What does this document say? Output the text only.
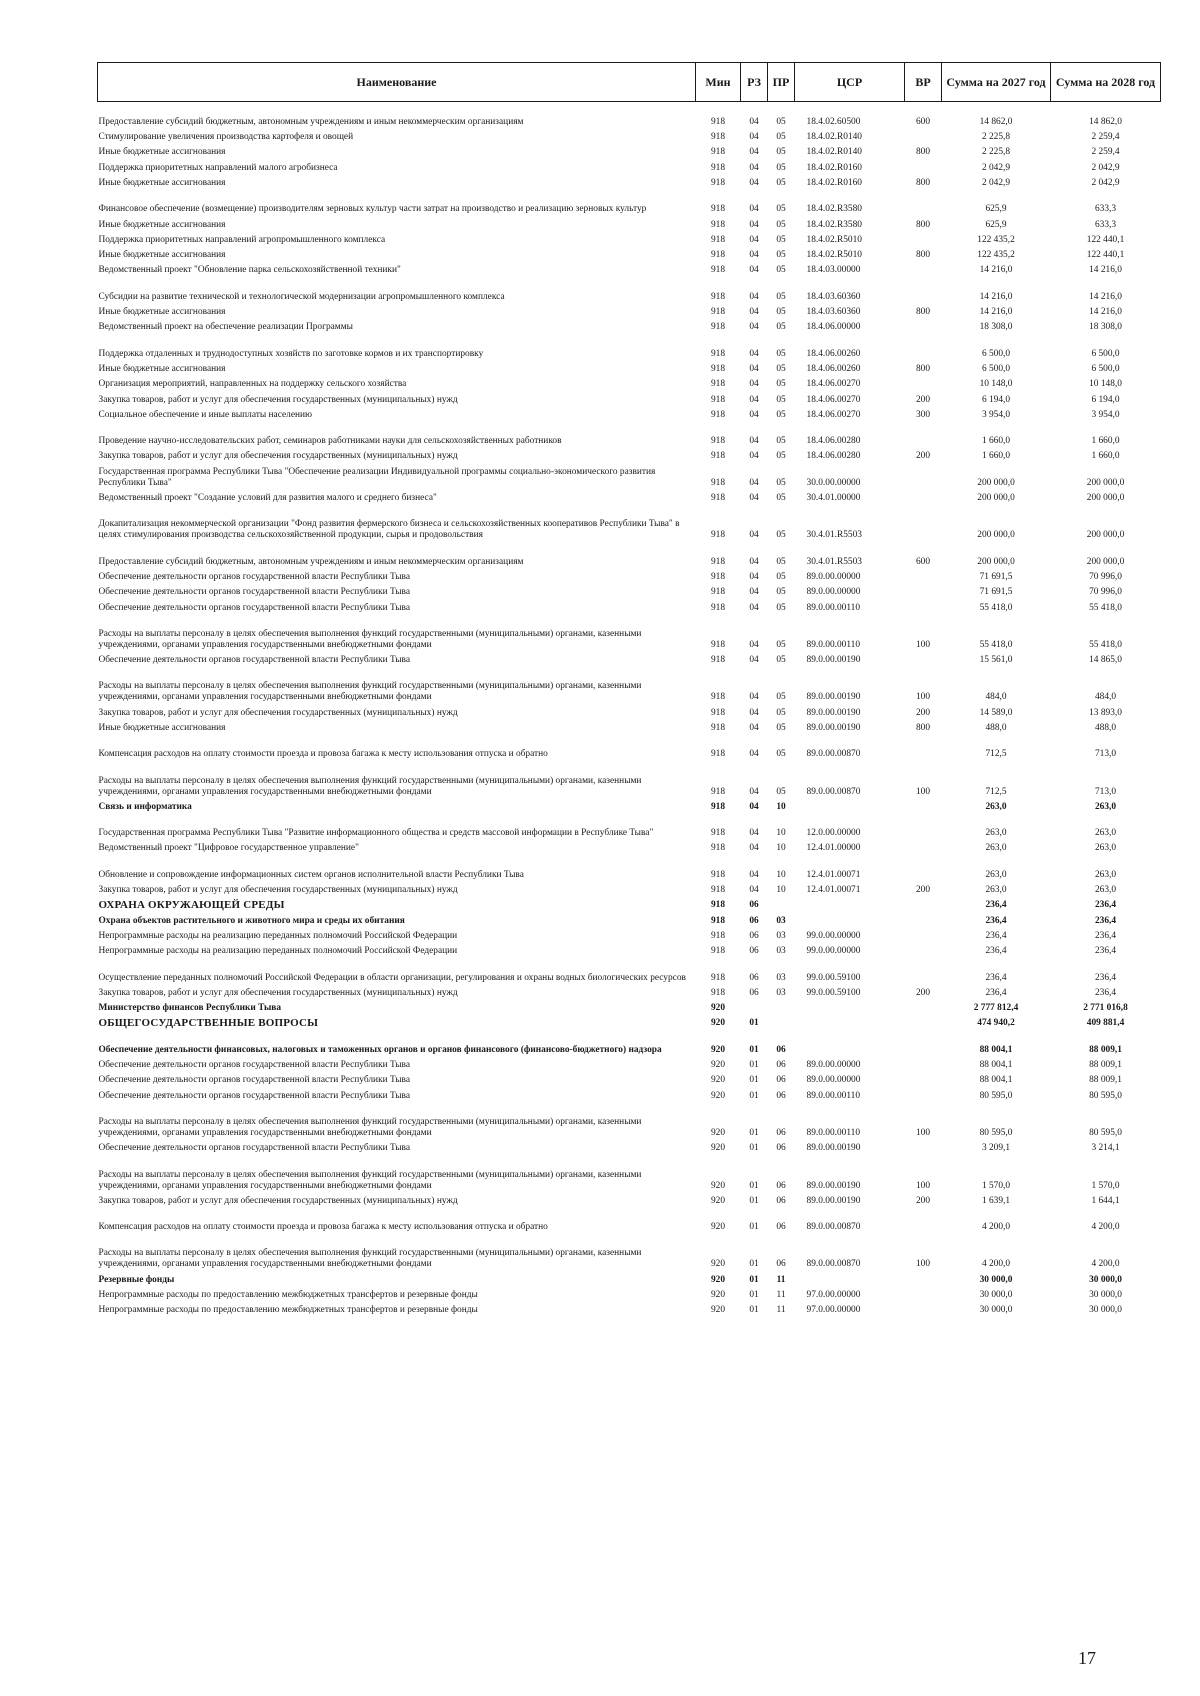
Наименование	Мин	РЗ	ПР	ЦСР	ВР	Сумма на 2027 год	Сумма на 2028 год
Предоставление субсидий бюджетным, автономным учреждениям и иным некоммерческим организациям	918	04	05	18.4.02.60500	600	14 862,0	14 862,0
Стимулирование увеличения производства картофеля и овощей	918	04	05	18.4.02.R0140		2 225,8	2 259,4
Иные бюджетные ассигнования	918	04	05	18.4.02.R0140	800	2 225,8	2 259,4
Поддержка приоритетных направлений малого агробизнеса	918	04	05	18.4.02.R0160		2 042,9	2 042,9
Иные бюджетные ассигнования	918	04	05	18.4.02.R0160	800	2 042,9	2 042,9
Финансовое обеспечение (возмещение) производителям зерновых культур части затрат на производство и реализацию зерновых культур	918	04	05	18.4.02.R3580		625,9	633,3
Иные бюджетные ассигнования	918	04	05	18.4.02.R3580	800	625,9	633,3
Поддержка приоритетных направлений агропромышленного комплекса	918	04	05	18.4.02.R5010		122 435,2	122 440,1
Иные бюджетные ассигнования	918	04	05	18.4.02.R5010	800	122 435,2	122 440,1
Ведомственный проект "Обновление парка сельскохозяйственной техники"	918	04	05	18.4.03.00000		14 216,0	14 216,0
Субсидии на развитие технической и технологической модернизации агропромышленного комплекса	918	04	05	18.4.03.60360		14 216,0	14 216,0
Иные бюджетные ассигнования	918	04	05	18.4.03.60360	800	14 216,0	14 216,0
Ведомственный проект на обеспечение реализации Программы	918	04	05	18.4.06.00000		18 308,0	18 308,0
Поддержка отдаленных и труднодоступных хозяйств по заготовке кормов и их транспортировку	918	04	05	18.4.06.00260		6 500,0	6 500,0
Иные бюджетные ассигнования	918	04	05	18.4.06.00260	800	6 500,0	6 500,0
Организация мероприятий, направленных на поддержку сельского хозяйства	918	04	05	18.4.06.00270		10 148,0	10 148,0
Закупка товаров, работ и услуг для обеспечения государственных (муниципальных) нужд	918	04	05	18.4.06.00270	200	6 194,0	6 194,0
Социальное обеспечение и иные выплаты населению	918	04	05	18.4.06.00270	300	3 954,0	3 954,0
Проведение научно-исследовательских работ, семинаров работниками науки для сельскохозяйственных работников	918	04	05	18.4.06.00280		1 660,0	1 660,0
Закупка товаров, работ и услуг для обеспечения государственных (муниципальных) нужд	918	04	05	18.4.06.00280	200	1 660,0	1 660,0
Государственная программа Республики Тыва "Обеспечение реализации Индивидуальной программы социально-экономического развития Республики Тыва"	918	04	05	30.0.00.00000		200 000,0	200 000,0
Ведомственный проект "Создание условий для развития малого и среднего бизнеса"	918	04	05	30.4.01.00000		200 000,0	200 000,0
Докапитализация некоммерческой организации "Фонд развития фермерского бизнеса и сельскохозяйственных кооперативов Республики Тыва" в целях стимулирования производства сельскохозяйственной продукции, сырья и продовольствия	918	04	05	30.4.01.R5503		200 000,0	200 000,0
Предоставление субсидий бюджетным, автономным учреждениям и иным некоммерческим организациям	918	04	05	30.4.01.R5503	600	200 000,0	200 000,0
Обеспечение деятельности органов государственной власти Республики Тыва	918	04	05	89.0.00.00000		71 691,5	70 996,0
Обеспечение деятельности органов государственной власти Республики Тыва	918	04	05	89.0.00.00000		71 691,5	70 996,0
Обеспечение деятельности органов государственной власти Республики Тыва	918	04	05	89.0.00.00110		55 418,0	55 418,0
Расходы на выплаты персоналу в целях обеспечения выполнения функций государственными (муниципальными) органами, казенными учреждениями, органами управления государственными внебюджетными фондами	918	04	05	89.0.00.00110	100	55 418,0	55 418,0
Обеспечение деятельности органов государственной власти Республики Тыва	918	04	05	89.0.00.00190		15 561,0	14 865,0
Расходы на выплаты персоналу в целях обеспечения выполнения функций государственными (муниципальными) органами, казенными учреждениями, органами управления государственными внебюджетными фондами	918	04	05	89.0.00.00190	100	484,0	484,0
Закупка товаров, работ и услуг для обеспечения государственных (муниципальных) нужд	918	04	05	89.0.00.00190	200	14 589,0	13 893,0
Иные бюджетные ассигнования	918	04	05	89.0.00.00190	800	488,0	488,0
Компенсация расходов на оплату стоимости проезда и провоза багажа к месту использования отпуска и обратно	918	04	05	89.0.00.00870		712,5	713,0
Расходы на выплаты персоналу в целях обеспечения выполнения функций государственными (муниципальными) органами, казенными учреждениями, органами управления государственными внебюджетными фондами	918	04	05	89.0.00.00870	100	712,5	713,0
Связь и информатика	918	04	10			263,0	263,0
Государственная программа Республики Тыва "Развитие информационного общества и средств массовой информации в Республике Тыва"	918	04	10	12.0.00.00000		263,0	263,0
Ведомственный проект "Цифровое государственное управление"	918	04	10	12.4.01.00000		263,0	263,0
Обновление и сопровождение информационных систем органов исполнительной власти Республики Тыва	918	04	10	12.4.01.00071		263,0	263,0
Закупка товаров, работ и услуг для обеспечения государственных (муниципальных) нужд	918	04	10	12.4.01.00071	200	263,0	263,0
ОХРАНА ОКРУЖАЮЩЕЙ СРЕДЫ	918	06				236,4	236,4
Охрана объектов растительного и животного мира и среды их обитания	918	06	03			236,4	236,4
Непрограммные расходы на реализацию переданных полномочий Российской Федерации	918	06	03	99.0.00.00000		236,4	236,4
Непрограммные расходы на реализацию переданных полномочий Российской Федерации	918	06	03	99.0.00.00000		236,4	236,4
Осуществление переданных полномочий Российской Федерации в области организации, регулирования и охраны водных биологических ресурсов	918	06	03	99.0.00.59100		236,4	236,4
Закупка товаров, работ и услуг для обеспечения государственных (муниципальных) нужд	918	06	03	99.0.00.59100	200	236,4	236,4
Министерство финансов Республики Тыва	920					2 777 812,4	2 771 016,8
ОБЩЕГОСУДАРСТВЕННЫЕ ВОПРОСЫ	920	01				474 940,2	409 881,4
Обеспечение деятельности финансовых, налоговых и таможенных органов и органов финансового (финансово-бюджетного) надзора	920	01	06			88 004,1	88 009,1
Обеспечение деятельности органов государственной власти Республики Тыва	920	01	06	89.0.00.00000		88 004,1	88 009,1
Обеспечение деятельности органов государственной власти Республики Тыва	920	01	06	89.0.00.00000		88 004,1	88 009,1
Обеспечение деятельности органов государственной власти Республики Тыва	920	01	06	89.0.00.00110		80 595,0	80 595,0
Расходы на выплаты персоналу в целях обеспечения выполнения функций государственными (муниципальными) органами, казенными учреждениями, органами управления государственными внебюджетными фондами	920	01	06	89.0.00.00110	100	80 595,0	80 595,0
Обеспечение деятельности органов государственной власти Республики Тыва	920	01	06	89.0.00.00190		3 209,1	3 214,1
Расходы на выплаты персоналу в целях обеспечения выполнения функций государственными (муниципальными) органами, казенными учреждениями, органами управления государственными внебюджетными фондами	920	01	06	89.0.00.00190	100	1 570,0	1 570,0
Закупка товаров, работ и услуг для обеспечения государственных (муниципальных) нужд	920	01	06	89.0.00.00190	200	1 639,1	1 644,1
Компенсация расходов на оплату стоимости проезда и провоза багажа к месту использования отпуска и обратно	920	01	06	89.0.00.00870		4 200,0	4 200,0
Расходы на выплаты персоналу в целях обеспечения выполнения функций государственными (муниципальными) органами, казенными учреждениями, органами управления государственными внебюджетными фондами	920	01	06	89.0.00.00870	100	4 200,0	4 200,0
Резервные фонды	920	01	11			30 000,0	30 000,0
Непрограммные расходы по предоставлению межбюджетных трансфертов и резервные фонды	920	01	11	97.0.00.00000		30 000,0	30 000,0
Непрограммные расходы по предоставлению межбюджетных трансфертов и резервные фонды	920	01	11	97.0.00.00000		30 000,0	30 000,0
17
